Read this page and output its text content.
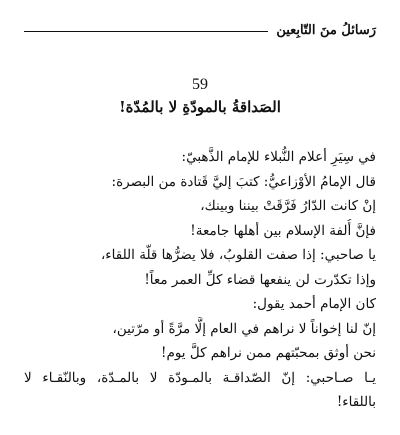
رَسائلُ منَ التّابِعين
59
الصَداقةُ بالمودّةِ لا بالمُدّة!
في سِيَرِ أعلام النُّبلاء للإمام الذَّهبيّ:
قال الإمامُ الأوْزاعيُّ: كتبَ إليَّ قَتادة من البصرة:
إنْ كانت الدّارُ فَرَّقَتْ بيننا وبينك،
فإنَّ أُلفة الإسلام بين أهلها جامعة!
يا صاحبي: إذا صفت القلوبُ، فلا يضرُّها قلّة اللقاء،
وإذا تكدّرت لن ينفعها قضاء كلِّ العمر معاً!
كان الإمام أحمد يقول:
إنّ لنا إخواناً لا نراهم في العام إلَّا مرَّةً أو مرّتين،
نحن أوثق بمحبّتهم ممن نراهم كلَّ يوم!
يـا صـاحبي: إنّ الصّداقـة بالمـودّة لا بالمـدّة، وبالنّقـاء لا
باللقاء!
